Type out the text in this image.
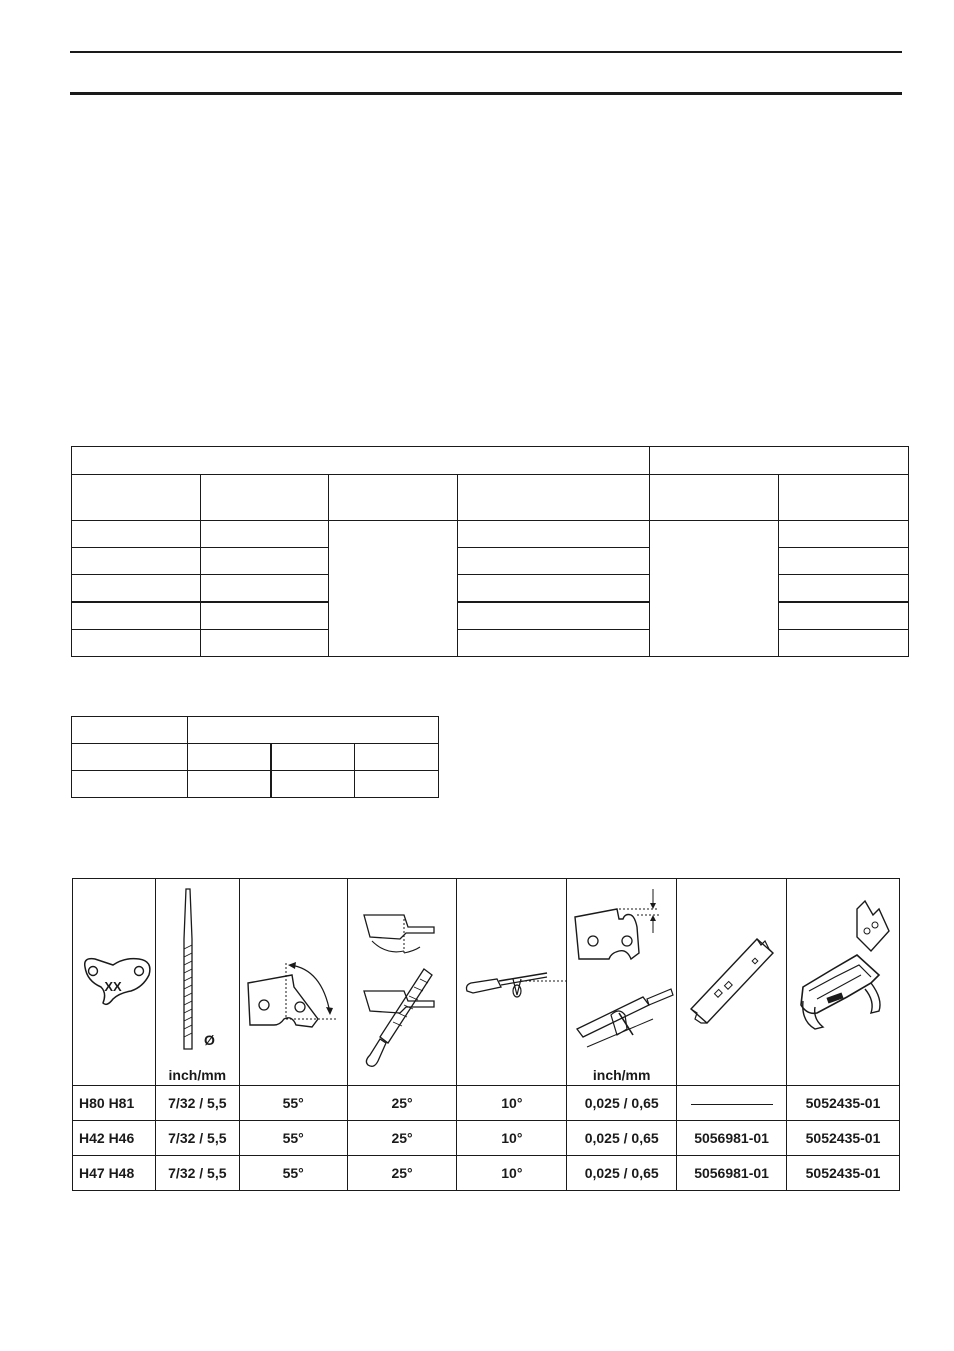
XX	Ø
inch/mm				inch/mm

H80 H81	7/32 / 5,5	55°	25°	10°	0,025 / 0,65		5052435-01
H42 H46	7/32 / 5,5	55°	25°	10°	0,025 / 0,65	5056981-01	5052435-01
H47 H48	7/32 / 5,5	55°	25°	10°	0,025 / 0,65	5056981-01	5052435-01
